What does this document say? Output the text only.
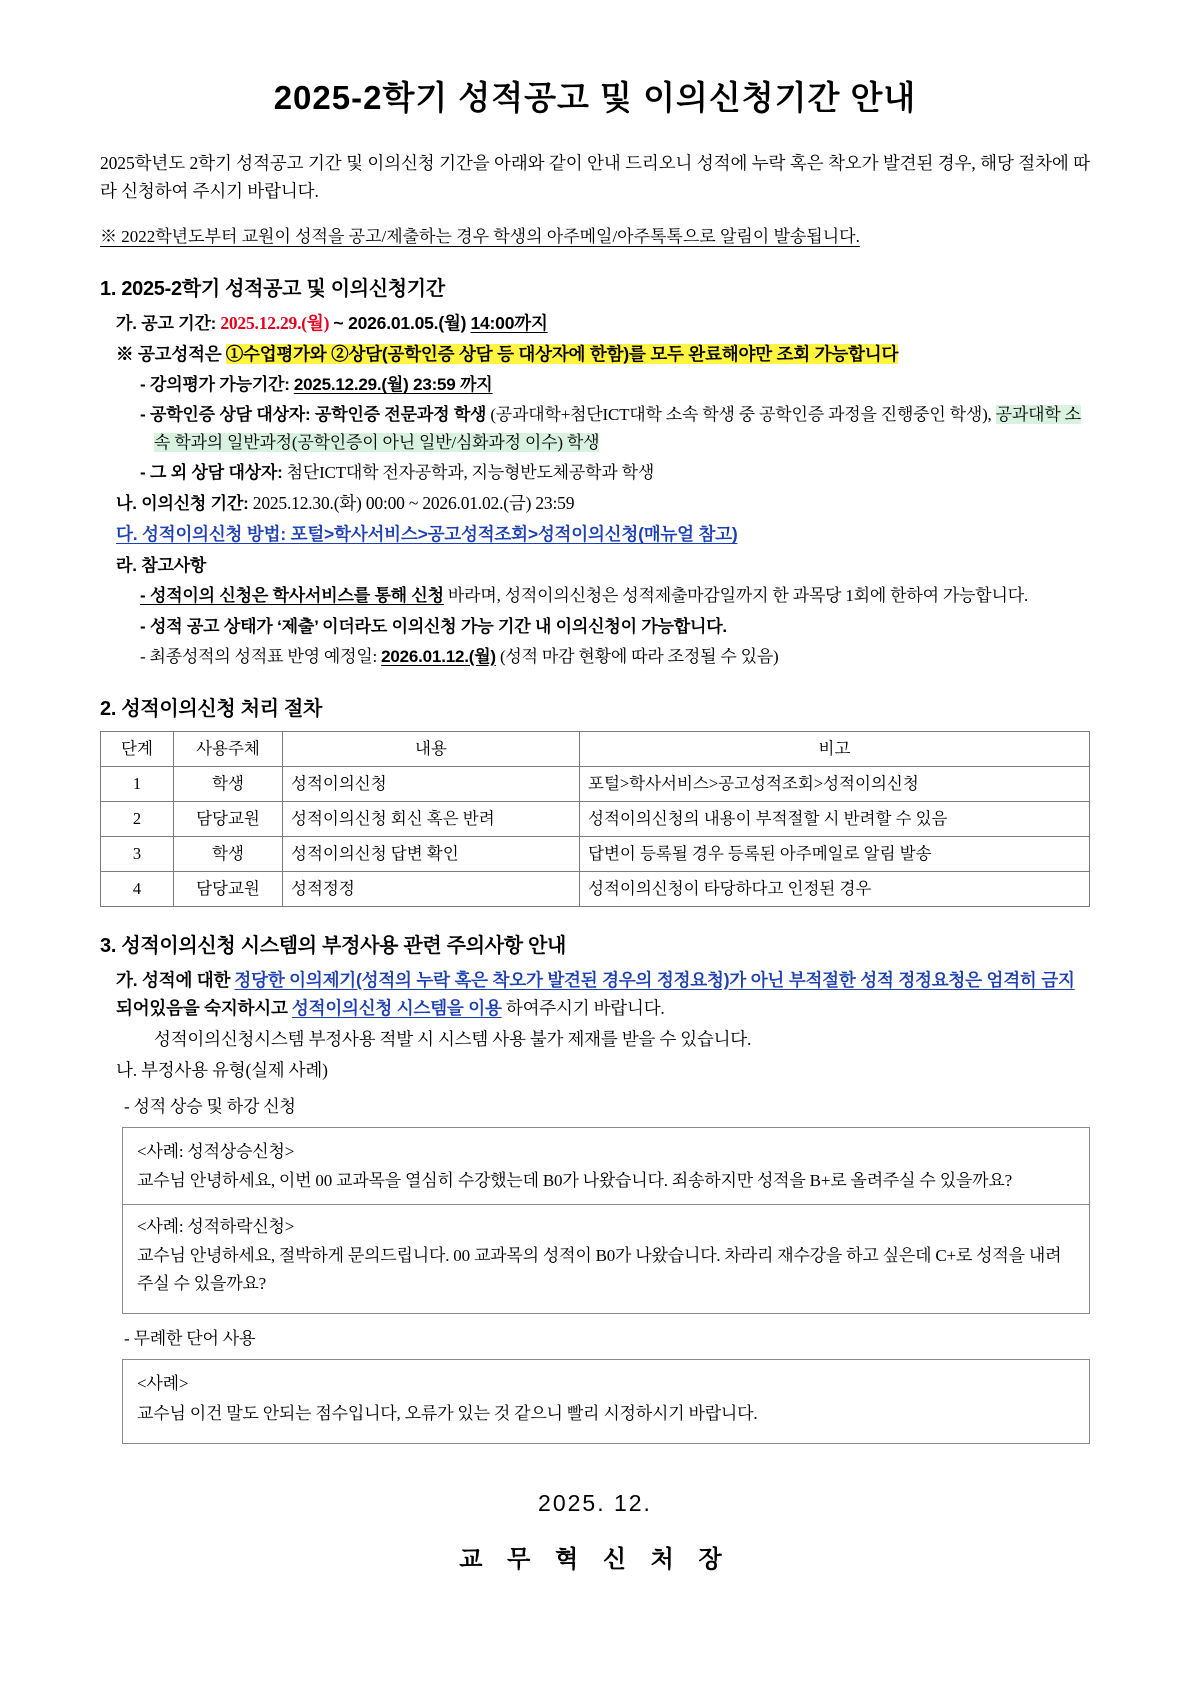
2025-2학기 성적공고 및 이의신청기간 안내

2025학년도 2학기 성적공고 기간 및 이의신청 기간을 아래와 같이 안내 드리오니 성적에 누락 혹은 착오가 발견된 경우, 해당 절차에 따라 신청하여 주시기 바랍니다.

※ 2022학년도부터 교원이 성적을 공고/제출하는 경우 학생의 아주메일/아주톡톡으로 알림이 발송됩니다.
1. 2025-2학기 성적공고 및 이의신청기간
가. 공고 기간: 2025.12.29.(월) ~ 2026.01.05.(월) 14:00까지
※ 공고성적은 ①수업평가와 ②상담(공학인증 상담 등 대상자에 한함)를 모두 완료해야만 조회 가능합니다
- 강의평가 가능기간: 2025.12.29.(월) 23:59 까지
- 공학인증 상담 대상자: 공학인증 전문과정 학생 (공과대학+첨단ICT대학 소속 학생 중 공학인증 과정을 진행중인 학생), 공과대학 소속 학과의 일반과정(공학인증이 아닌 일반/심화과정 이수) 학생
- 그 외 상담 대상자: 첨단ICT대학 전자공학과, 지능형반도체공학과 학생
나. 이의신청 기간: 2025.12.30.(화) 00:00 ~ 2026.01.02.(금) 23:59
다. 성적이의신청 방법: 포털>학사서비스>공고성적조회>성적이의신청(매뉴얼 참고)
라. 참고사항
- 성적이의 신청은 학사서비스를 통해 신청 바라며, 성적이의신청은 성적제출마감일까지 한 과목당 1회에 한하여 가능합니다.
- 성적 공고 상태가 ‘제출’ 이더라도 이의신청 가능 기간 내 이의신청이 가능합니다.
- 최종성적의 성적표 반영 예정일: 2026.01.12.(월) (성적 마감 현황에 따라 조정될 수 있음)
2. 성적이의신청 처리 절차
단계	사용주체	내용	비고
1	학생	성적이의신청	포털>학사서비스>공고성적조회>성적이의신청
2	담당교원	성적이의신청 회신 혹은 반려	성적이의신청의 내용이 부적절할 시 반려할 수 있음
3	학생	성적이의신청 답변 확인	답변이 등록될 경우 등록된 아주메일로 알림 발송
4	담당교원	성적정정	성적이의신청이 타당하다고 인정된 경우
3. 성적이의신청 시스템의 부정사용 관련 주의사항 안내
가. 성적에 대한 정당한 이의제기(성적의 누락 혹은 착오가 발견된 경우의 정정요청)가 아닌 부적절한 성적 정정요청은 엄격히 금지 되어있음을 숙지하시고 성적이의신청 시스템을 이용 하여주시기 바랍니다.
성적이의신청시스템 부정사용 적발 시 시스템 사용 불가 제재를 받을 수 있습니다.
나. 부정사용 유형(실제 사례)
- 성적 상승 및 하강 신청

<사례: 성적상승신청>

교수님 안녕하세요, 이번 00 교과목을 열심히 수강했는데 B0가 나왔습니다. 죄송하지만 성적을 B+로 올려주실 수 있을까요?

<사례: 성적하락신청>

교수님 안녕하세요, 절박하게 문의드립니다. 00 교과목의 성적이 B0가 나왔습니다. 차라리 재수강을 하고 싶은데 C+로 성적을 내려주실 수 있을까요?

- 무례한 단어 사용

<사례>

교수님 이건 말도 안되는 점수입니다, 오류가 있는 것 같으니 빨리 시정하시기 바랍니다.

2025. 12.
교 무 혁 신 처 장
